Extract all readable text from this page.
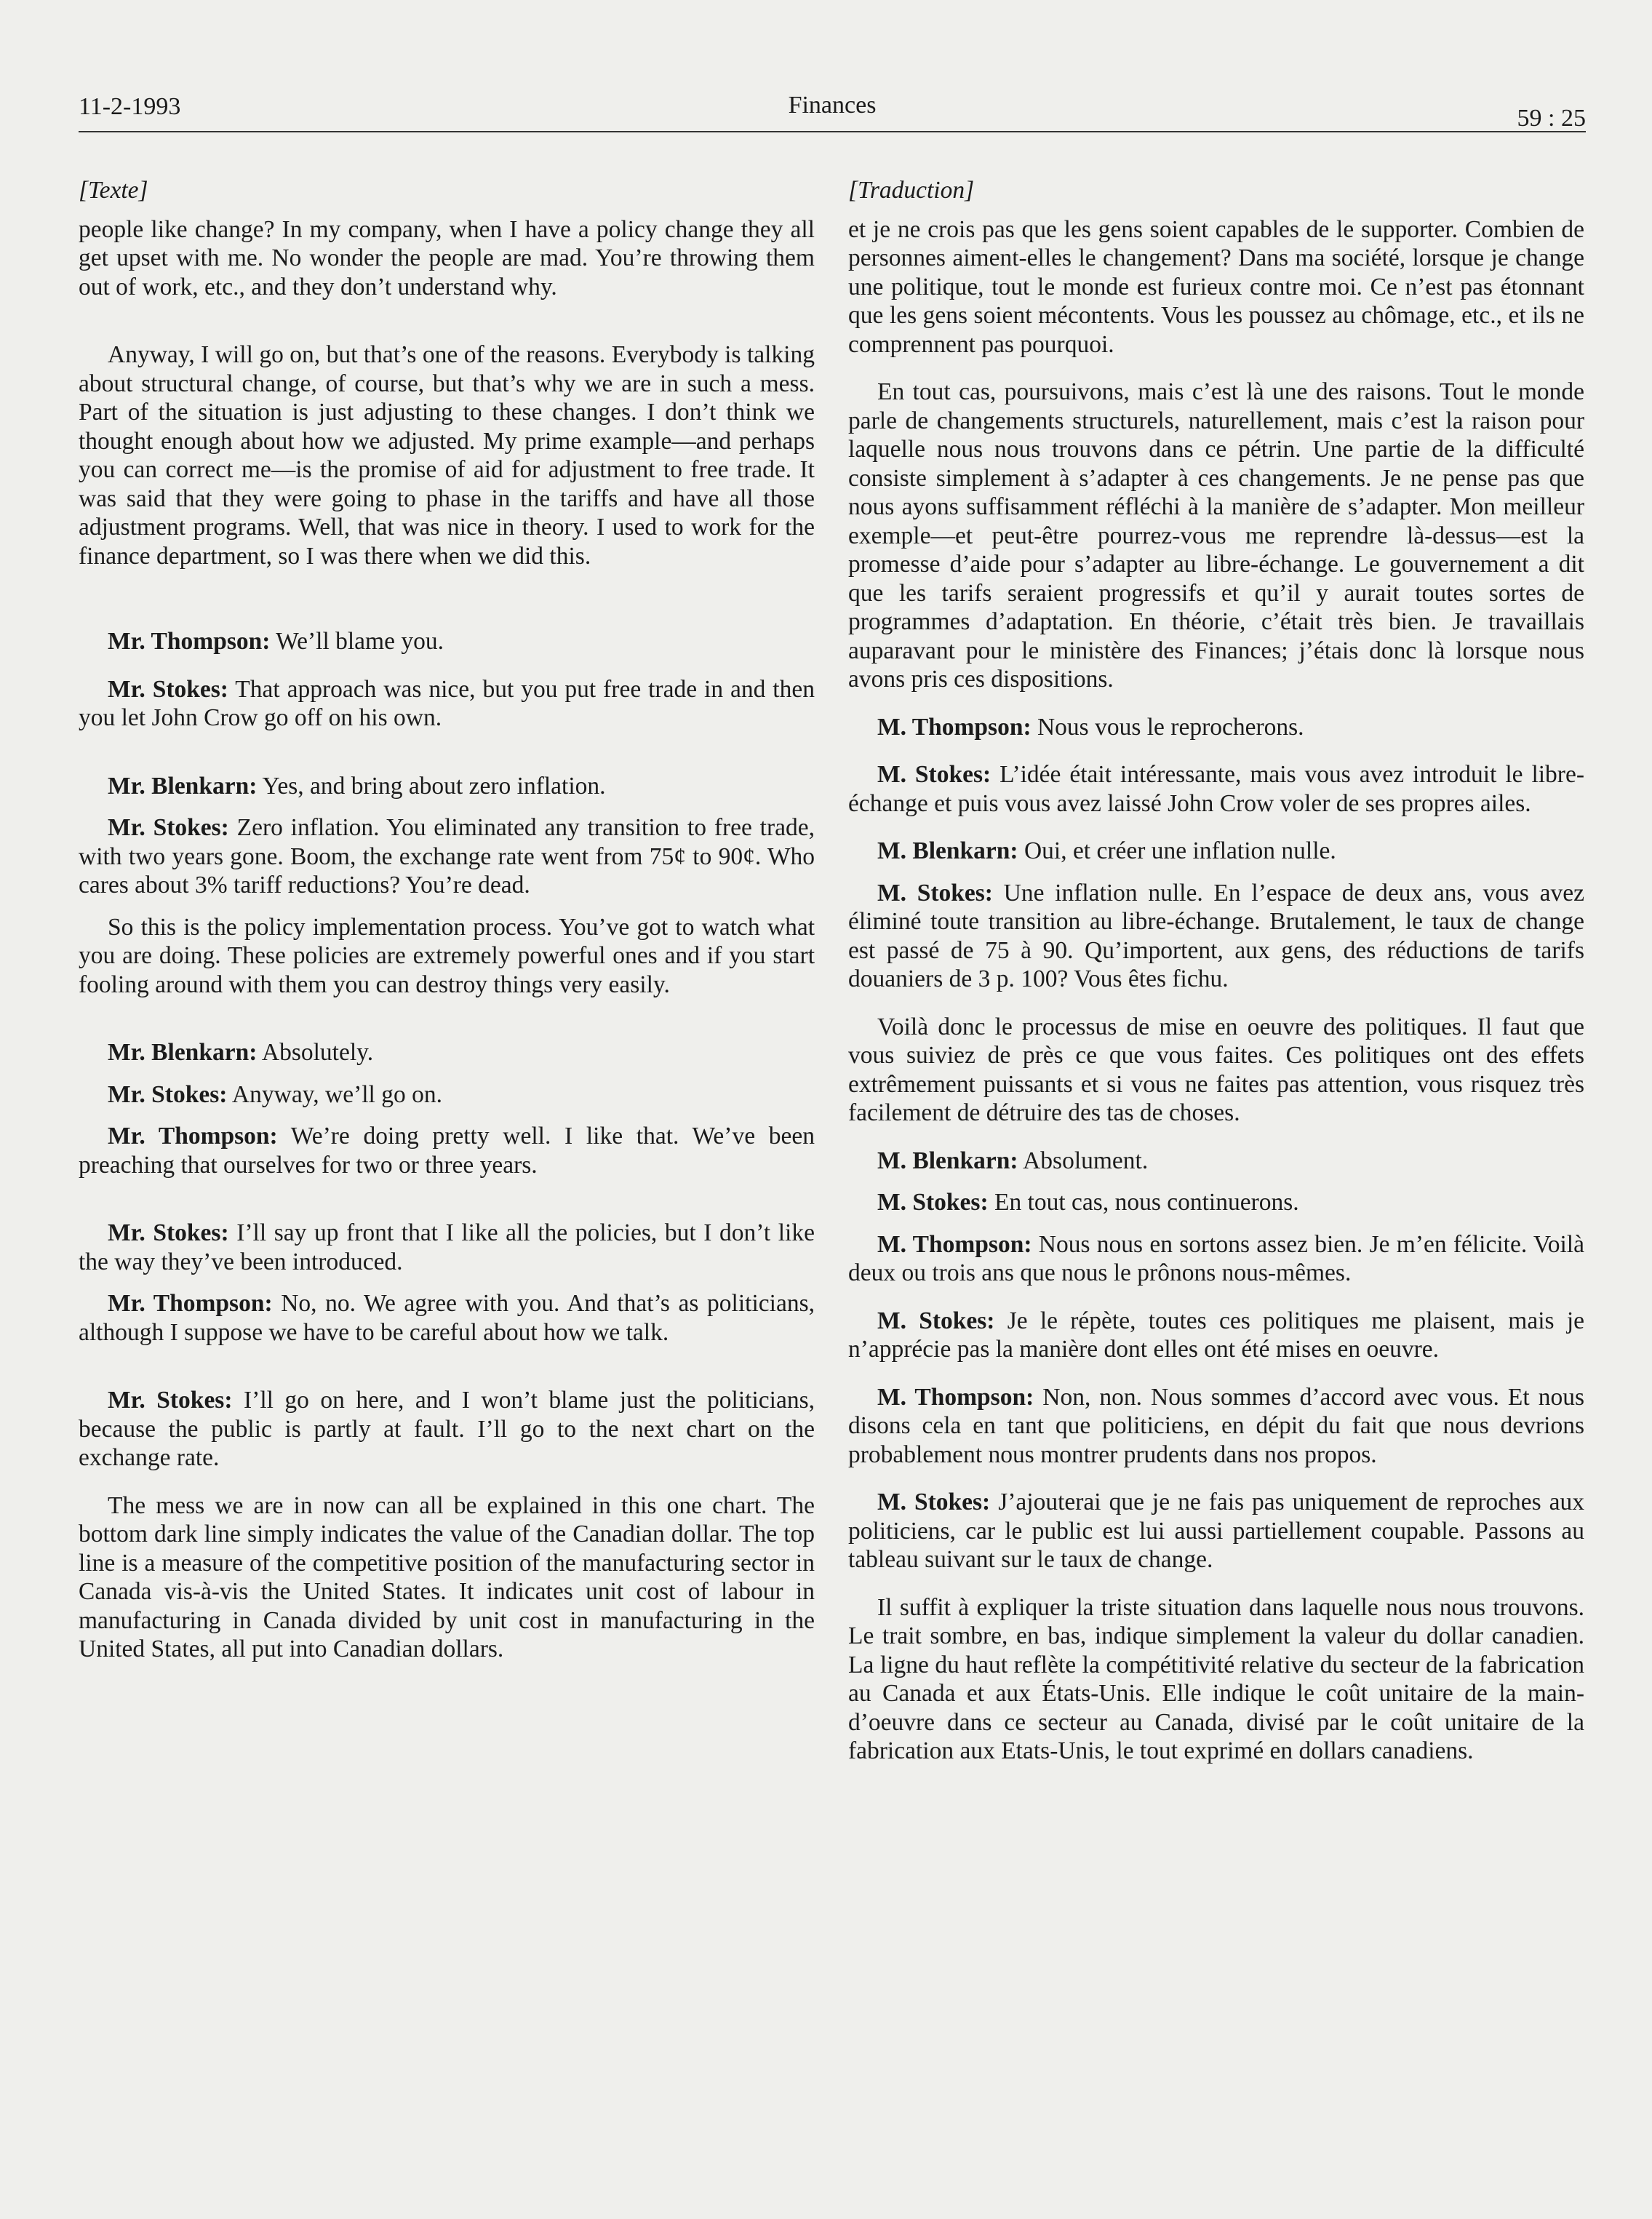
11-2-1993	Finances	59 : 25

[Texte]

people like change? In my company, when I have a policy change they all get upset with me. No wonder the people are mad. You’re throwing them out of work, etc., and they don’t understand why.

Anyway, I will go on, but that’s one of the reasons. Everybody is talking about structural change, of course, but that’s why we are in such a mess. Part of the situation is just adjusting to these changes. I don’t think we thought enough about how we adjusted. My prime example—and perhaps you can correct me—is the promise of aid for adjustment to free trade. It was said that they were going to phase in the tariffs and have all those adjustment programs. Well, that was nice in theory. I used to work for the finance department, so I was there when we did this.

Mr. Thompson: We’ll blame you.

Mr. Stokes: That approach was nice, but you put free trade in and then you let John Crow go off on his own.

Mr. Blenkarn: Yes, and bring about zero inflation.

Mr. Stokes: Zero inflation. You eliminated any transition to free trade, with two years gone. Boom, the exchange rate went from 75¢ to 90¢. Who cares about 3% tariff reductions? You’re dead.

So this is the policy implementation process. You’ve got to watch what you are doing. These policies are extremely powerful ones and if you start fooling around with them you can destroy things very easily.

Mr. Blenkarn: Absolutely.

Mr. Stokes: Anyway, we’ll go on.

Mr. Thompson: We’re doing pretty well. I like that. We’ve been preaching that ourselves for two or three years.

Mr. Stokes: I’ll say up front that I like all the policies, but I don’t like the way they’ve been introduced.

Mr. Thompson: No, no. We agree with you. And that’s as politicians, although I suppose we have to be careful about how we talk.

Mr. Stokes: I’ll go on here, and I won’t blame just the politicians, because the public is partly at fault. I’ll go to the next chart on the exchange rate.

The mess we are in now can all be explained in this one chart. The bottom dark line simply indicates the value of the Canadian dollar. The top line is a measure of the competitive position of the manufacturing sector in Canada vis-à-vis the United States. It indicates unit cost of labour in manufacturing in Canada divided by unit cost in manufacturing in the United States, all put into Canadian dollars.

[Traduction]

et je ne crois pas que les gens soient capables de le supporter. Combien de personnes aiment-elles le changement? Dans ma société, lorsque je change une politique, tout le monde est furieux contre moi. Ce n’est pas étonnant que les gens soient mécontents. Vous les poussez au chômage, etc., et ils ne comprennent pas pourquoi.

En tout cas, poursuivons, mais c’est là une des raisons. Tout le monde parle de changements structurels, naturellement, mais c’est la raison pour laquelle nous nous trouvons dans ce pétrin. Une partie de la difficulté consiste simplement à s’adapter à ces changements. Je ne pense pas que nous ayons suffisamment réfléchi à la manière de s’adapter. Mon meilleur exemple—et peut-être pourrez-vous me reprendre là-dessus—est la promesse d’aide pour s’adapter au libre-échange. Le gouvernement a dit que les tarifs seraient progressifs et qu’il y aurait toutes sortes de programmes d’adaptation. En théorie, c’était très bien. Je travaillais auparavant pour le ministère des Finances; j’étais donc là lorsque nous avons pris ces dispositions.

M. Thompson: Nous vous le reprocherons.

M. Stokes: L’idée était intéressante, mais vous avez introduit le libre-échange et puis vous avez laissé John Crow voler de ses propres ailes.

M. Blenkarn: Oui, et créer une inflation nulle.

M. Stokes: Une inflation nulle. En l’espace de deux ans, vous avez éliminé toute transition au libre-échange. Brutalement, le taux de change est passé de 75 à 90. Qu’importent, aux gens, des réductions de tarifs douaniers de 3 p. 100? Vous êtes fichu.

Voilà donc le processus de mise en oeuvre des politiques. Il faut que vous suiviez de près ce que vous faites. Ces politiques ont des effets extrêmement puissants et si vous ne faites pas attention, vous risquez très facilement de détruire des tas de choses.

M. Blenkarn: Absolument.

M. Stokes: En tout cas, nous continuerons.

M. Thompson: Nous nous en sortons assez bien. Je m’en félicite. Voilà deux ou trois ans que nous le prônons nous-mêmes.

M. Stokes: Je le répète, toutes ces politiques me plaisent, mais je n’apprécie pas la manière dont elles ont été mises en oeuvre.

M. Thompson: Non, non. Nous sommes d’accord avec vous. Et nous disons cela en tant que politiciens, en dépit du fait que nous devrions probablement nous montrer prudents dans nos propos.

M. Stokes: J’ajouterai que je ne fais pas uniquement de reproches aux politiciens, car le public est lui aussi partiellement coupable. Passons au tableau suivant sur le taux de change.

Il suffit à expliquer la triste situation dans laquelle nous nous trouvons. Le trait sombre, en bas, indique simplement la valeur du dollar canadien. La ligne du haut reflète la compétitivité relative du secteur de la fabrication au Canada et aux États-Unis. Elle indique le coût unitaire de la main-d’oeuvre dans ce secteur au Canada, divisé par le coût unitaire de la fabrication aux Etats-Unis, le tout exprimé en dollars canadiens.
